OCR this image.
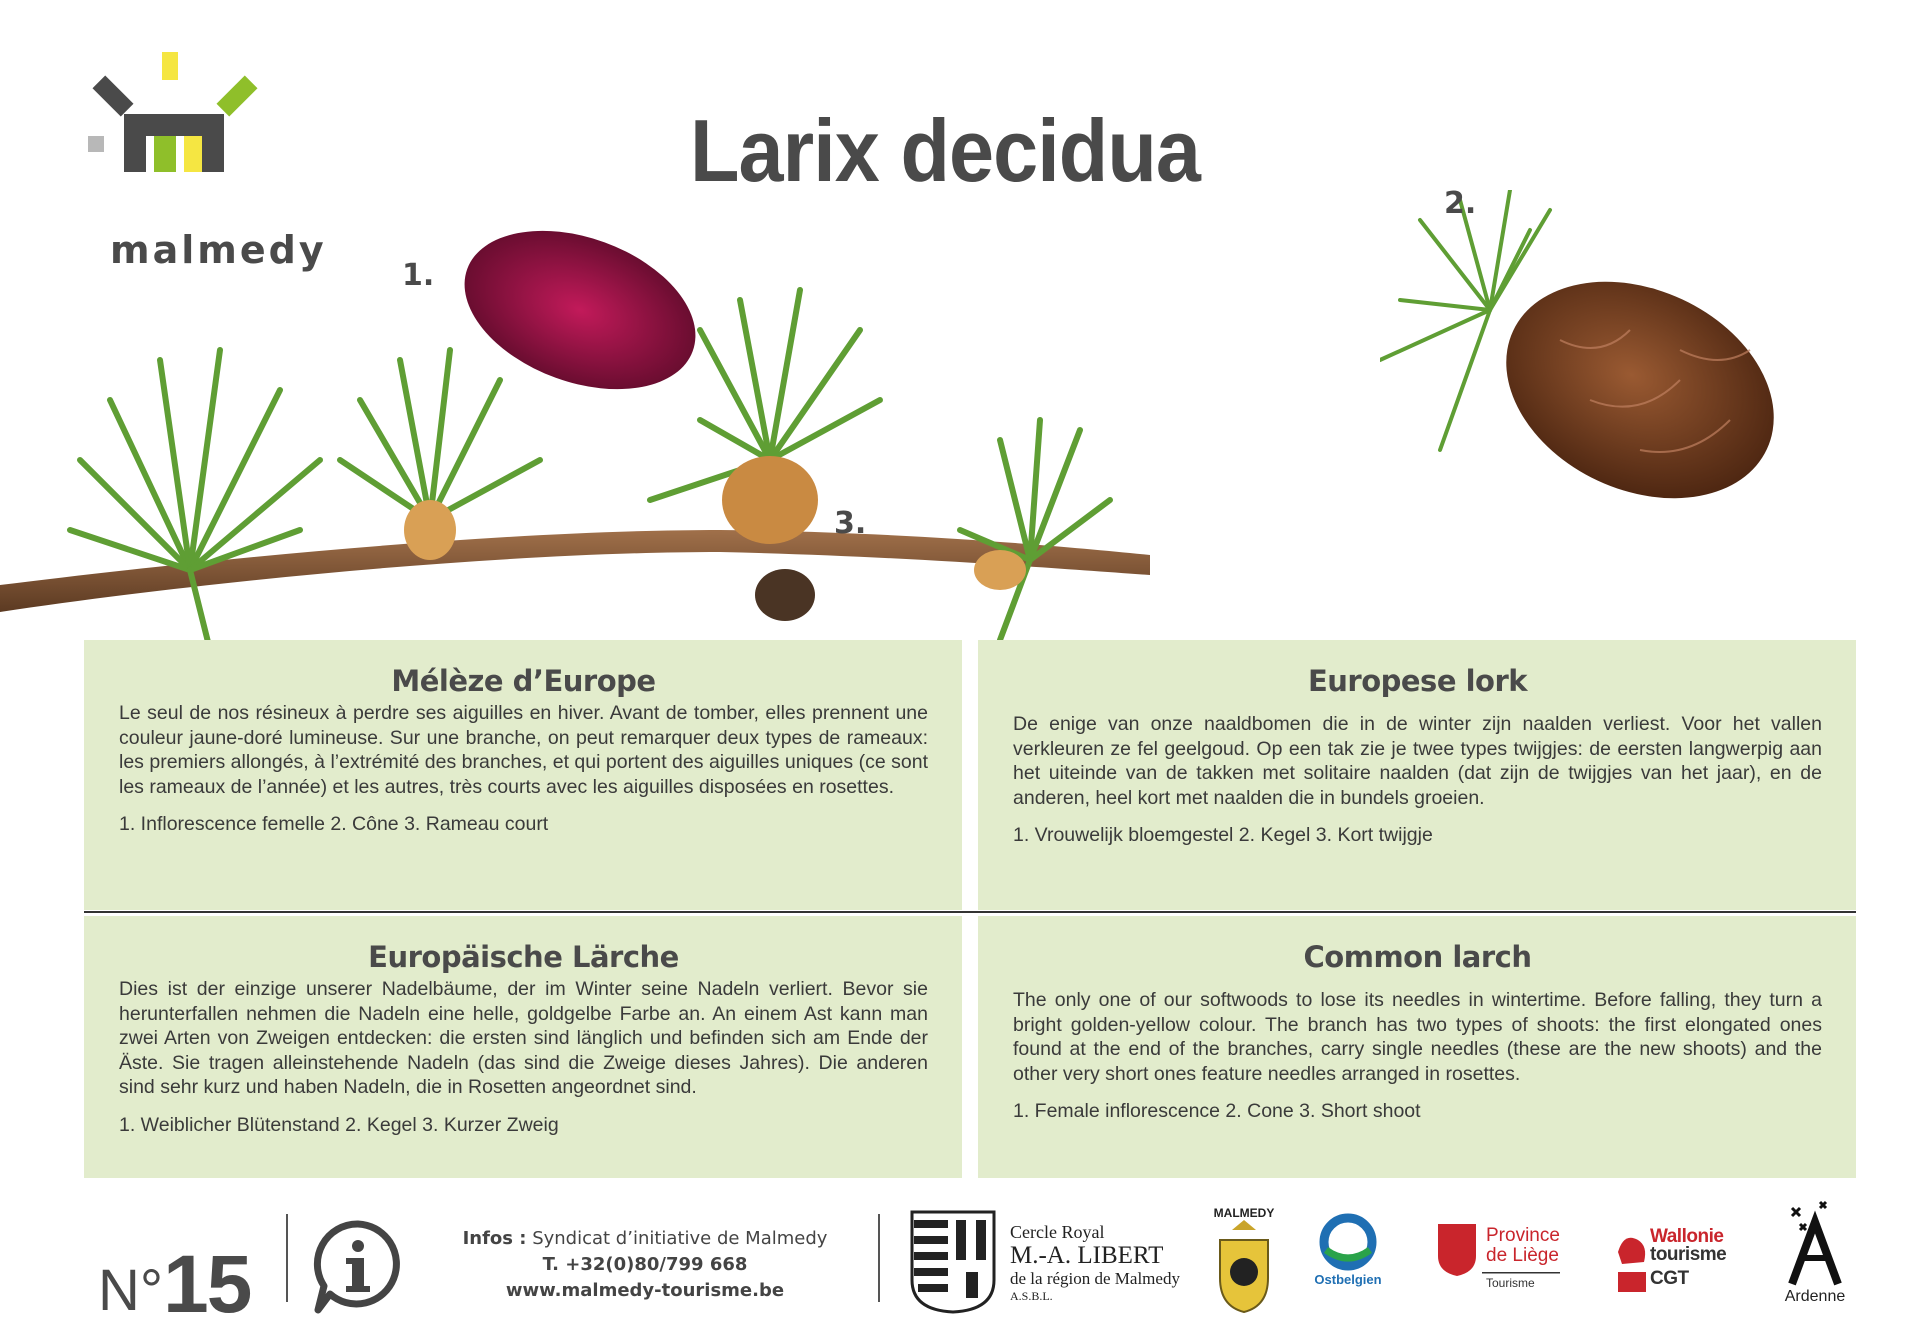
malmedy
Larix decidua
1.
3.
2.
Mélèze d’Europe

Le seul de nos résineux à perdre ses aiguilles en hiver. Avant de tomber, elles prennent une couleur jaune-doré lumineuse. Sur une branche, on peut remarquer deux types de rameaux: les premiers allongés, à l’extrémité des branches, et qui portent des aiguilles uniques (ce sont les rameaux de l’année) et les autres, très courts avec les aiguilles disposées en rosettes.

1. Inflorescence femelle 2. Cône 3. Rameau court

Europese lork

De enige van onze naaldbomen die in de winter zijn naalden verliest. Voor het vallen verkleuren ze fel geelgoud. Op een tak zie je twee types twijgjes: de eersten langwerpig aan het uiteinde van de takken met solitaire naalden (dat zijn de twijgjes van het jaar), en de anderen, heel kort met naalden die in bundels groeien.

1. Vrouwelijk bloemgestel 2. Kegel 3. Kort twijgje

Europäische Lärche

Dies ist der einzige unserer Nadelbäume, der im Winter seine Nadeln verliert. Bevor sie herunterfallen nehmen die Nadeln eine helle, goldgelbe Farbe an. An einem Ast kann man zwei Arten von Zweigen entdecken: die ersten sind länglich und befinden sich am Ende der Äste. Sie tragen alleinstehende Nadeln (das sind die Zweige dieses Jahres). Die anderen sind sehr kurz und haben Nadeln, die in Rosetten angeordnet sind.

1. Weiblicher Blütenstand 2. Kegel 3. Kurzer Zweig

Common larch

The only one of our softwoods to lose its needles in wintertime. Before falling, they turn a bright golden-yellow colour. The branch has two types of shoots: the first elongated ones found at the end of the branches, carry single needles (these are the new shoots) and the other very short ones feature needles arranged in rosettes.

1. Female inflorescence 2. Cone 3. Short shoot

N°15
Infos : Syndicat d’initiative de Malmedy
T. +32(0)80/799 668
www.malmedy-tourisme.be
Cercle Royal
M.-A. LIBERT
de la région de Malmedy
A.S.B.L.
MALMEDY
Ostbelgien
Province
de Liège
Tourisme
Wallonie
tourisme
CGT
Ardenne
